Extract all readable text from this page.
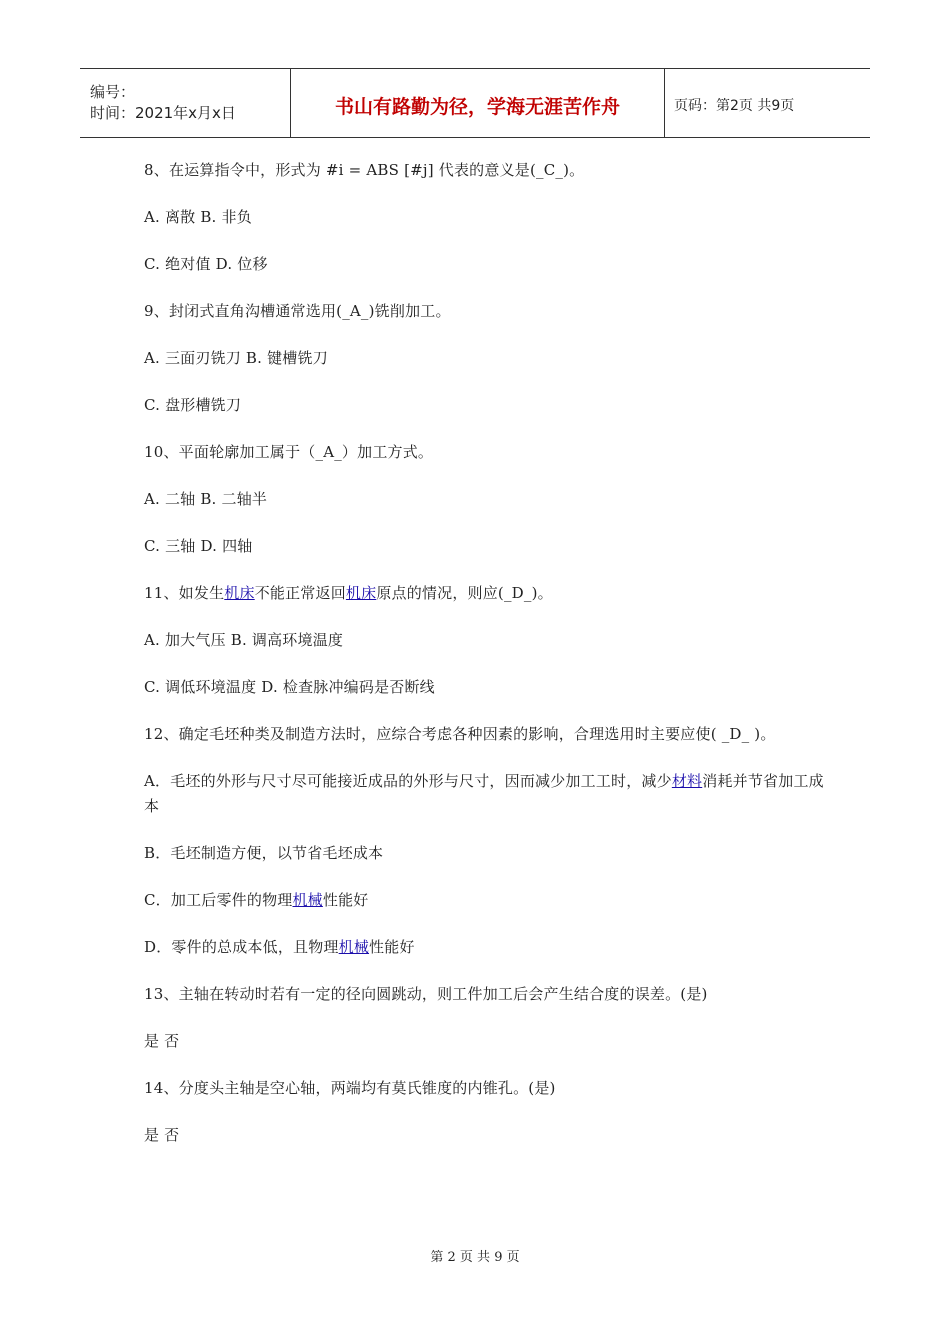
编号：
时间：2021年x月x日	书山有路勤为径，学海无涯苦作舟	页码：第2页 共9页
8、在运算指令中，形式为 #i = ABS [#j] 代表的意义是(_C_)。
A. 离散 B. 非负
C. 绝对值 D. 位移
9、封闭式直角沟槽通常选用(_A_)铣削加工。
A. 三面刃铣刀 B. 键槽铣刀
C. 盘形槽铣刀
10、平面轮廓加工属于（_A_）加工方式。
A. 二轴 B. 二轴半
C. 三轴 D. 四轴
11、如发生机床不能正常返回机床原点的情况，则应(_D_)。
A. 加大气压 B. 调高环境温度
C. 调低环境温度 D. 检查脉冲编码是否断线
12、确定毛坯种类及制造方法时，应综合考虑各种因素的影响，合理选用时主要应使( _D_ )。
A．毛坯的外形与尺寸尽可能接近成品的外形与尺寸，因而减少加工工时，减少材料消耗并节省加工成本
B．毛坯制造方便，以节省毛坯成本
C．加工后零件的物理机械性能好
D．零件的总成本低，且物理机械性能好
13、主轴在转动时若有一定的径向圆跳动，则工件加工后会产生结合度的误差。(是)
是 否
14、分度头主轴是空心轴，两端均有莫氏锥度的内锥孔。(是)
是 否
第 2 页 共 9 页
